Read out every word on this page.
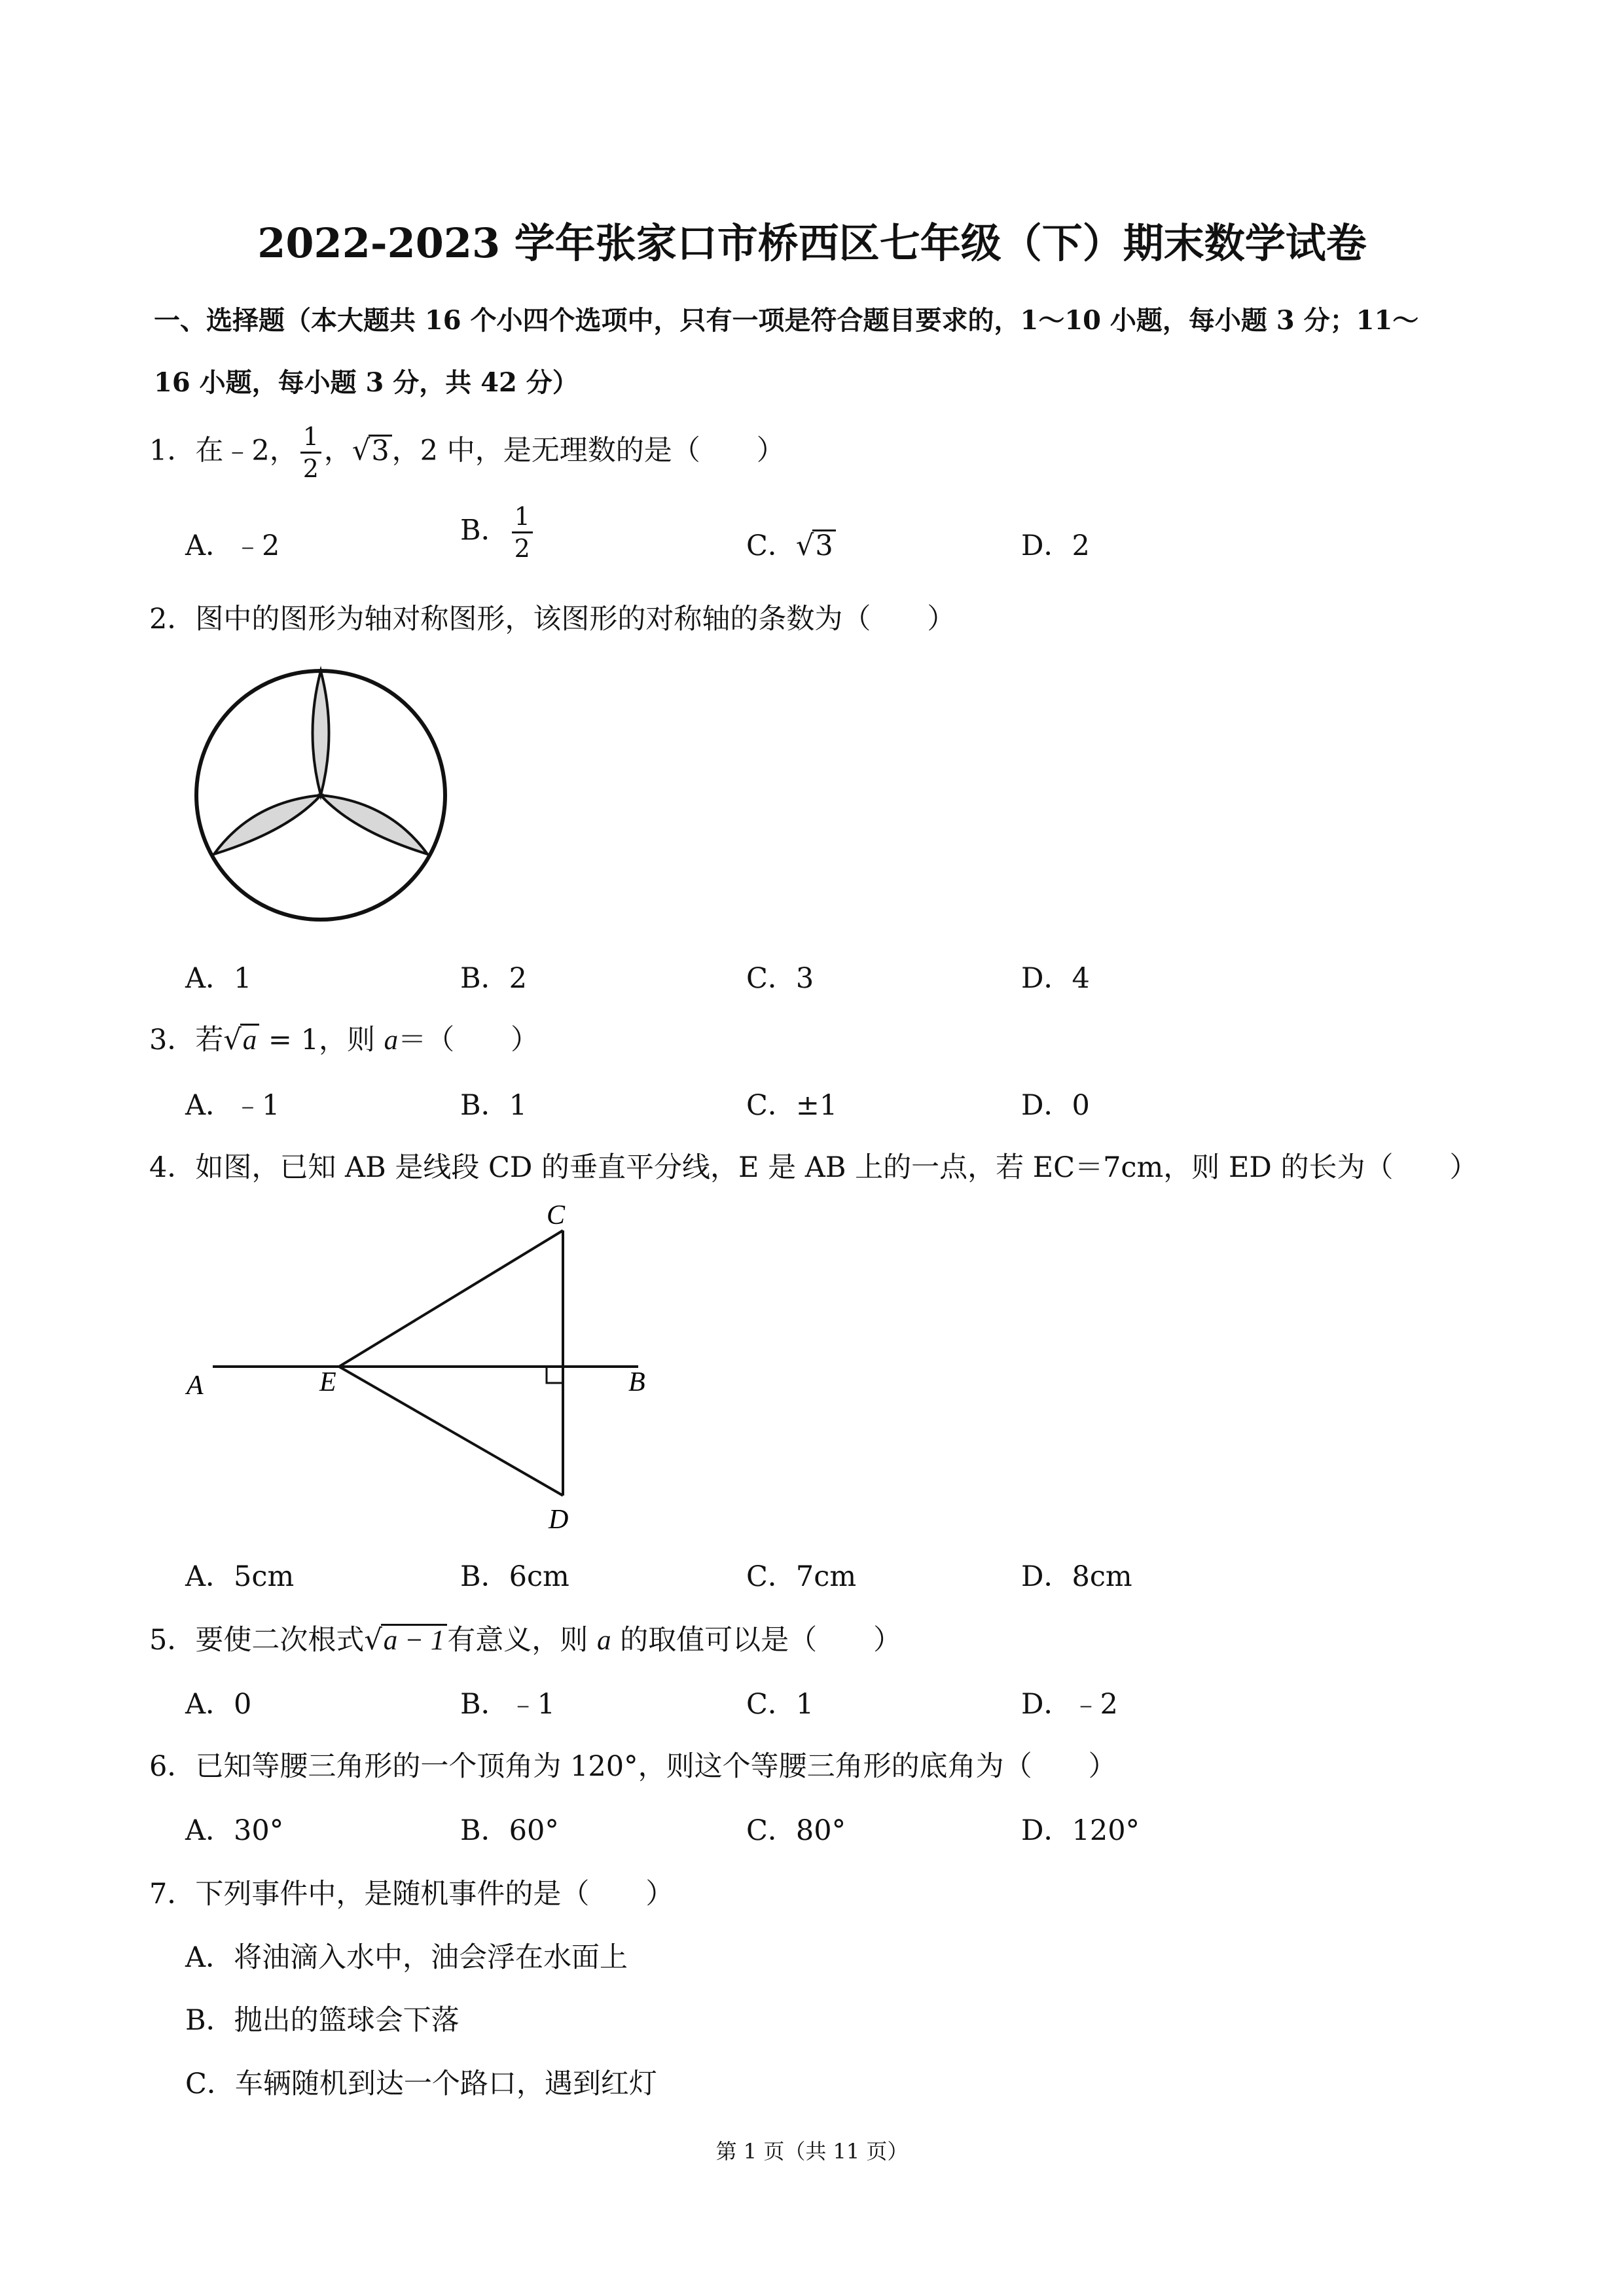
2022-2023 学年张家口市桥西区七年级（下）期末数学试卷
一、选择题（本大题共 16 个小四个选项中，只有一项是符合题目要求的，1～10 小题，每小题 3 分；11～
16 小题，每小题 3 分，共 42 分）
1．在﹣2， $\frac{1}{2}$ ，√3，2 中，是无理数的是（　　）
A．﹣2	B． $\frac{1}{2}$	C．√3	D．2
2．图中的图形为轴对称图形，该图形的对称轴的条数为（　　）
A．1	B．2	C．3	D．4
3．若√a = 1，则 a＝（　　）
A．﹣1	B．1	C．±1	D．0
4．如图，已知 AB 是线段 CD 的垂直平分线，E 是 AB 上的一点，若 EC＝7cm，则 ED 的长为（　　）
C
A	E	B
D
A．5cm	B．6cm	C．7cm	D．8cm
5．要使二次根式√a − 1有意义，则 a 的取值可以是（　　）
A．0	B．﹣1	C．1	D．﹣2
6．已知等腰三角形的一个顶角为 120°，则这个等腰三角形的底角为（　　）
A．30°	B．60°	C．80°	D．120°
7．下列事件中，是随机事件的是（　　）
A．将油滴入水中，油会浮在水面上
B．抛出的篮球会下落
C．车辆随机到达一个路口，遇到红灯
第 1 页（共 11 页）
